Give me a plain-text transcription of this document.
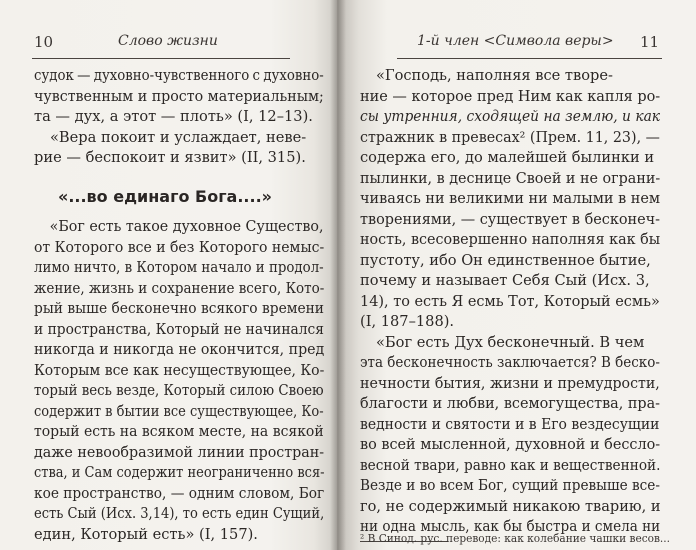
10	Слово жизни
судок — духовно-чувственного с духовно-
чувственным и просто материальным;
та — дух, а этот — плоть» (I, 12–13).
«Вера покоит и услаждает, неве-
рие — беспокоит и язвит» (II, 315).
«...во единаго Бога....»
«Бог есть такое духовное Существо,
от Которого все и без Которого немыс-
лимо ничто, в Котором начало и продол-
жение, жизнь и сохранение всего, Кото-
рый выше бесконечно всякого времени
и пространства, Который не начинался
никогда и никогда не окончится, пред
Которым все как несуществующее, Ко-
торый весь везде, Который силою Своею
содержит в бытии все существующее, Ко-
торый есть на всяком месте, на всякой
даже невообразимой линии простран-
ства, и Сам содержит неограниченно вся-
кое пространство, — одним словом, Бог
есть Сый (Исх. 3,14), то есть един Сущий,
един, Который есть» (I, 157).
1-й член <Символа веры> 11
«Господь, наполняя все творе-
ние — которое пред Ним как капля ро-
сы утренния, сходящей на землю, и как
стражник в превесах² (Прем. 11, 23), —
содержа его, до малейшей былинки и
пылинки, в деснице Своей и не ограни-
чиваясь ни великими ни малыми в нем
творениями, — существует в бесконеч-
ность, всесовершенно наполняя как бы
пустоту, ибо Он единственное бытие,
почему и называет Себя Сый (Исх. 3,
14), то есть Я есмь Тот, Который есмь»
(I, 187–188).
«Бог есть Дух бесконечный. В чем
эта бесконечность заключается? В беско-
нечности бытия, жизни и премудрости,
благости и любви, всемогущества, пра-
ведности и святости и в Его вездесущии
во всей мысленной, духовной и бессло-
весной твари, равно как и вещественной.
Везде и во всем Бог, сущий превыше все-
го, не содержимый никакою тварию, и
ни одна мысль, как бы быстра и смела ни
² В Синод. рус. переводе: как колебание чашки весов...
